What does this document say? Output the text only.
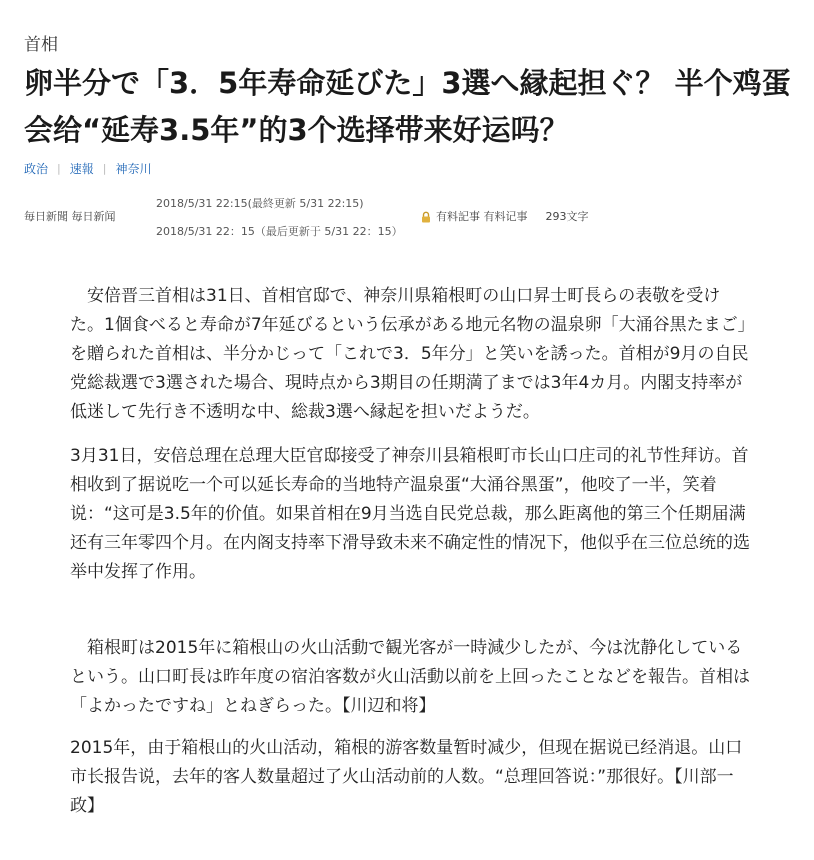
首相
卵半分で「3．5年寿命延びた」3選へ縁起担ぐ？ 半个鸡蛋会给“延寿3.5年”的3个选择带来好运吗？
政治 | 速報 | 神奈川
毎日新聞 毎日新闻
2018/5/31 22:15(最終更新 5/31 22:15)
2018/5/31 22：15（最后更新于 5/31 22：15）
有料記事 有料记事 293文字

安倍晋三首相は31日、首相官邸で、神奈川県箱根町の山口昇士町長らの表敬を受けた。1個食べると寿命が7年延びるという伝承がある地元名物の温泉卵「大涌谷黒たまご」を贈られた首相は、半分かじって「これで3．5年分」と笑いを誘った。首相が9月の自民党総裁選で3選された場合、現時点から3期目の任期満了までは3年4カ月。内閣支持率が低迷して先行き不透明な中、総裁3選へ縁起を担いだようだ。

3月31日，安倍总理在总理大臣官邸接受了神奈川县箱根町市长山口庄司的礼节性拜访。首相收到了据说吃一个可以延长寿命的当地特产温泉蛋“大涌谷黑蛋”，他咬了一半，笑着说：“这可是3.5年的价值。如果首相在9月当选自民党总裁，那么距离他的第三个任期届满还有三年零四个月。在内阁支持率下滑导致未来不确定性的情况下，他似乎在三位总统的选举中发挥了作用。

箱根町は2015年に箱根山の火山活動で観光客が一時減少したが、今は沈静化しているという。山口町長は昨年度の宿泊客数が火山活動以前を上回ったことなどを報告。首相は「よかったですね」とねぎらった。【川辺和将】

2015年，由于箱根山的火山活动，箱根的游客数量暂时减少，但现在据说已经消退。山口市长报告说，去年的客人数量超过了火山活动前的人数。“总理回答说：”那很好。【川部一政】
